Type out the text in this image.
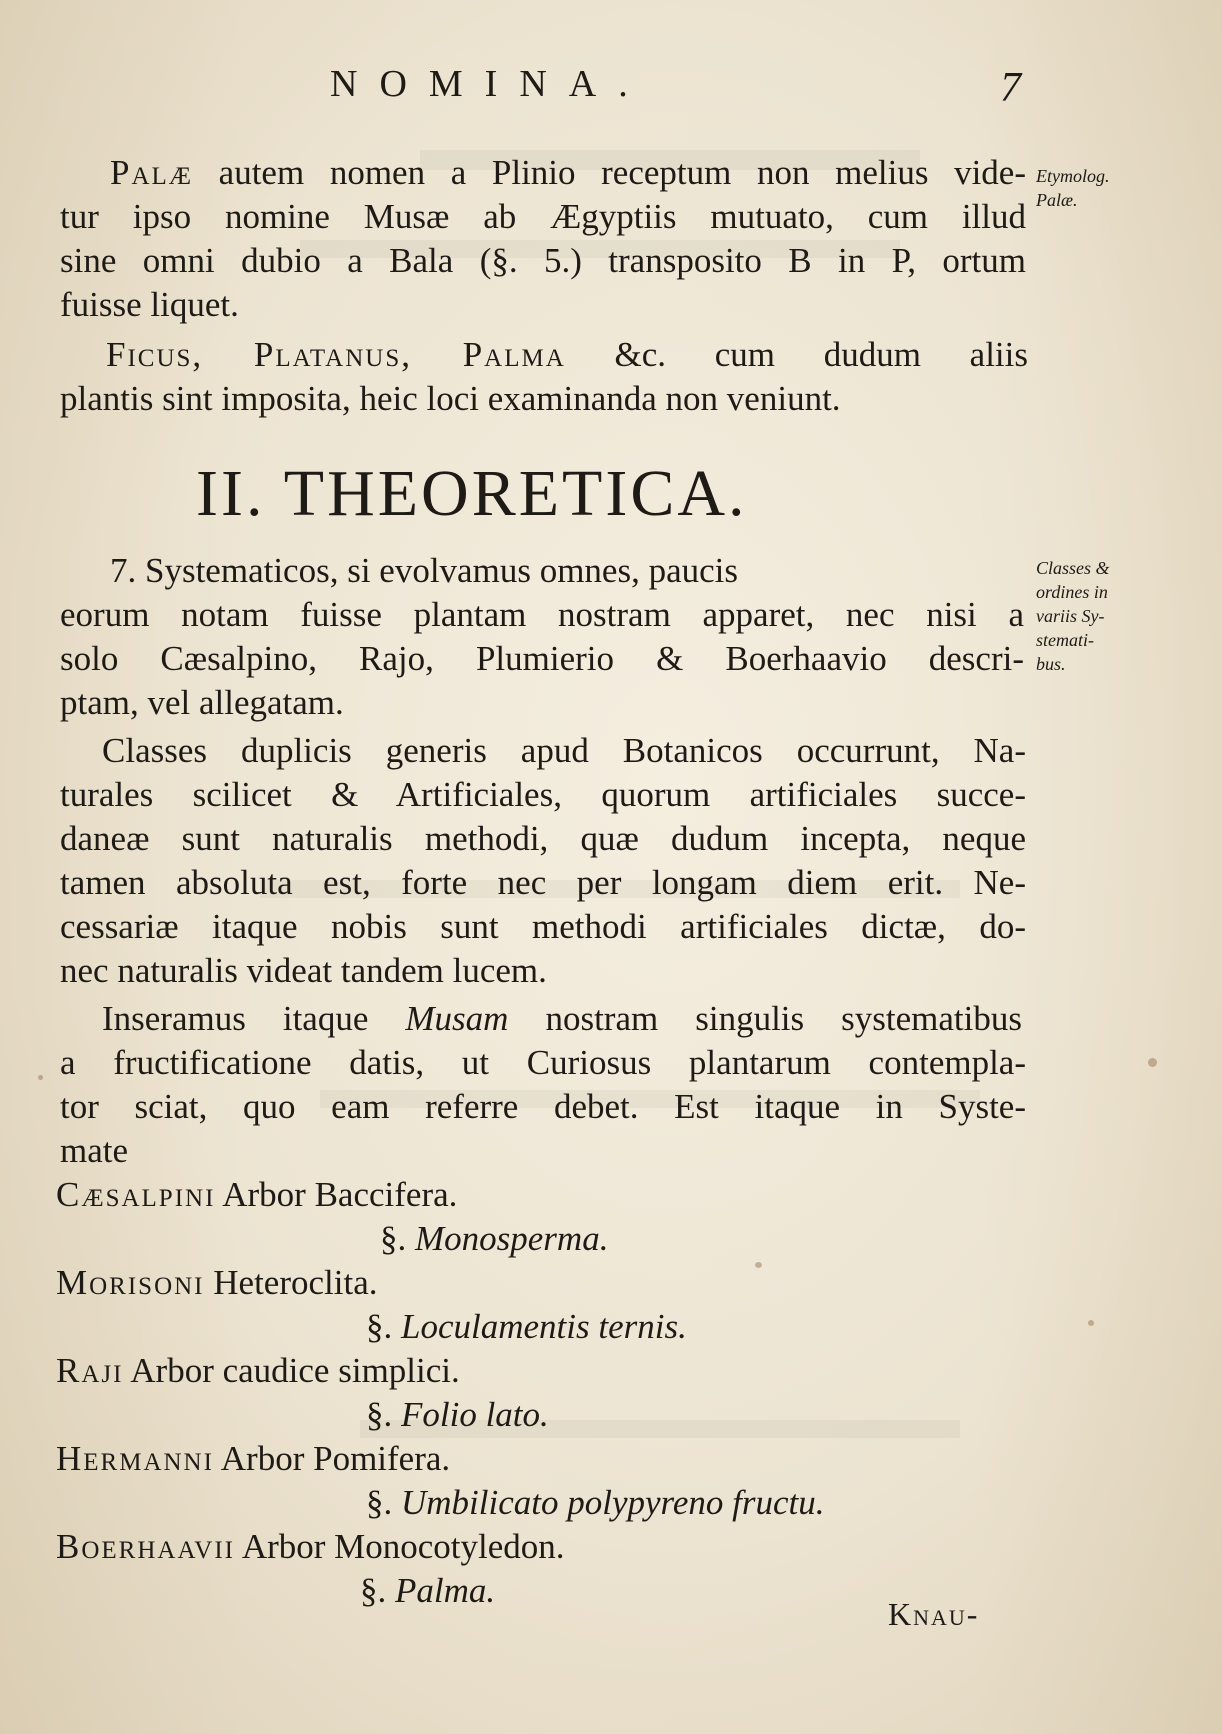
NOMINA.	7
Palæ autem nomen a Plinio receptum non melius vide-
tur ipso nomine Musæ ab Ægyptiis mutuato, cum illud
sine omni dubio a Bala (§. 5.) transposito B in P, ortum
fuisse liquet.
Ficus, Platanus, Palma &c. cum dudum aliis
plantis sint imposita, heic loci examinanda non veniunt.
7. Systematicos, si evolvamus omnes, paucis
eorum notam fuisse plantam nostram apparet, nec nisi a
solo Cæsalpino, Rajo, Plumierio & Boerhaavio descri-
ptam, vel allegatam.
Classes duplicis generis apud Botanicos occurrunt, Na-
turales scilicet & Artificiales, quorum artificiales succe-
daneæ sunt naturalis methodi, quæ dudum incepta, neque
tamen absoluta est, forte nec per longam diem erit. Ne-
cessariæ itaque nobis sunt methodi artificiales dictæ, do-
nec naturalis videat tandem lucem.
Inseramus itaque Musam nostram singulis systematibus
a fructificatione datis, ut Curiosus plantarum contempla-
tor sciat, quo eam referre debet. Est itaque in Syste-
mate
Cæsalpini Arbor Baccifera.
§. Monosperma.
Morisoni Heteroclita.
§. Loculamentis ternis.
Raji Arbor caudice simplici.
§. Folio lato.
Hermanni Arbor Pomifera.
§. Umbilicato polypyreno fructu.
Boerhaavii Arbor Monocotyledon.
§. Palma.
II. THEORETICA.
Etymolog.
Palæ.
Classes &
ordines in
variis Sy-
stemati-
bus.
Knau-
